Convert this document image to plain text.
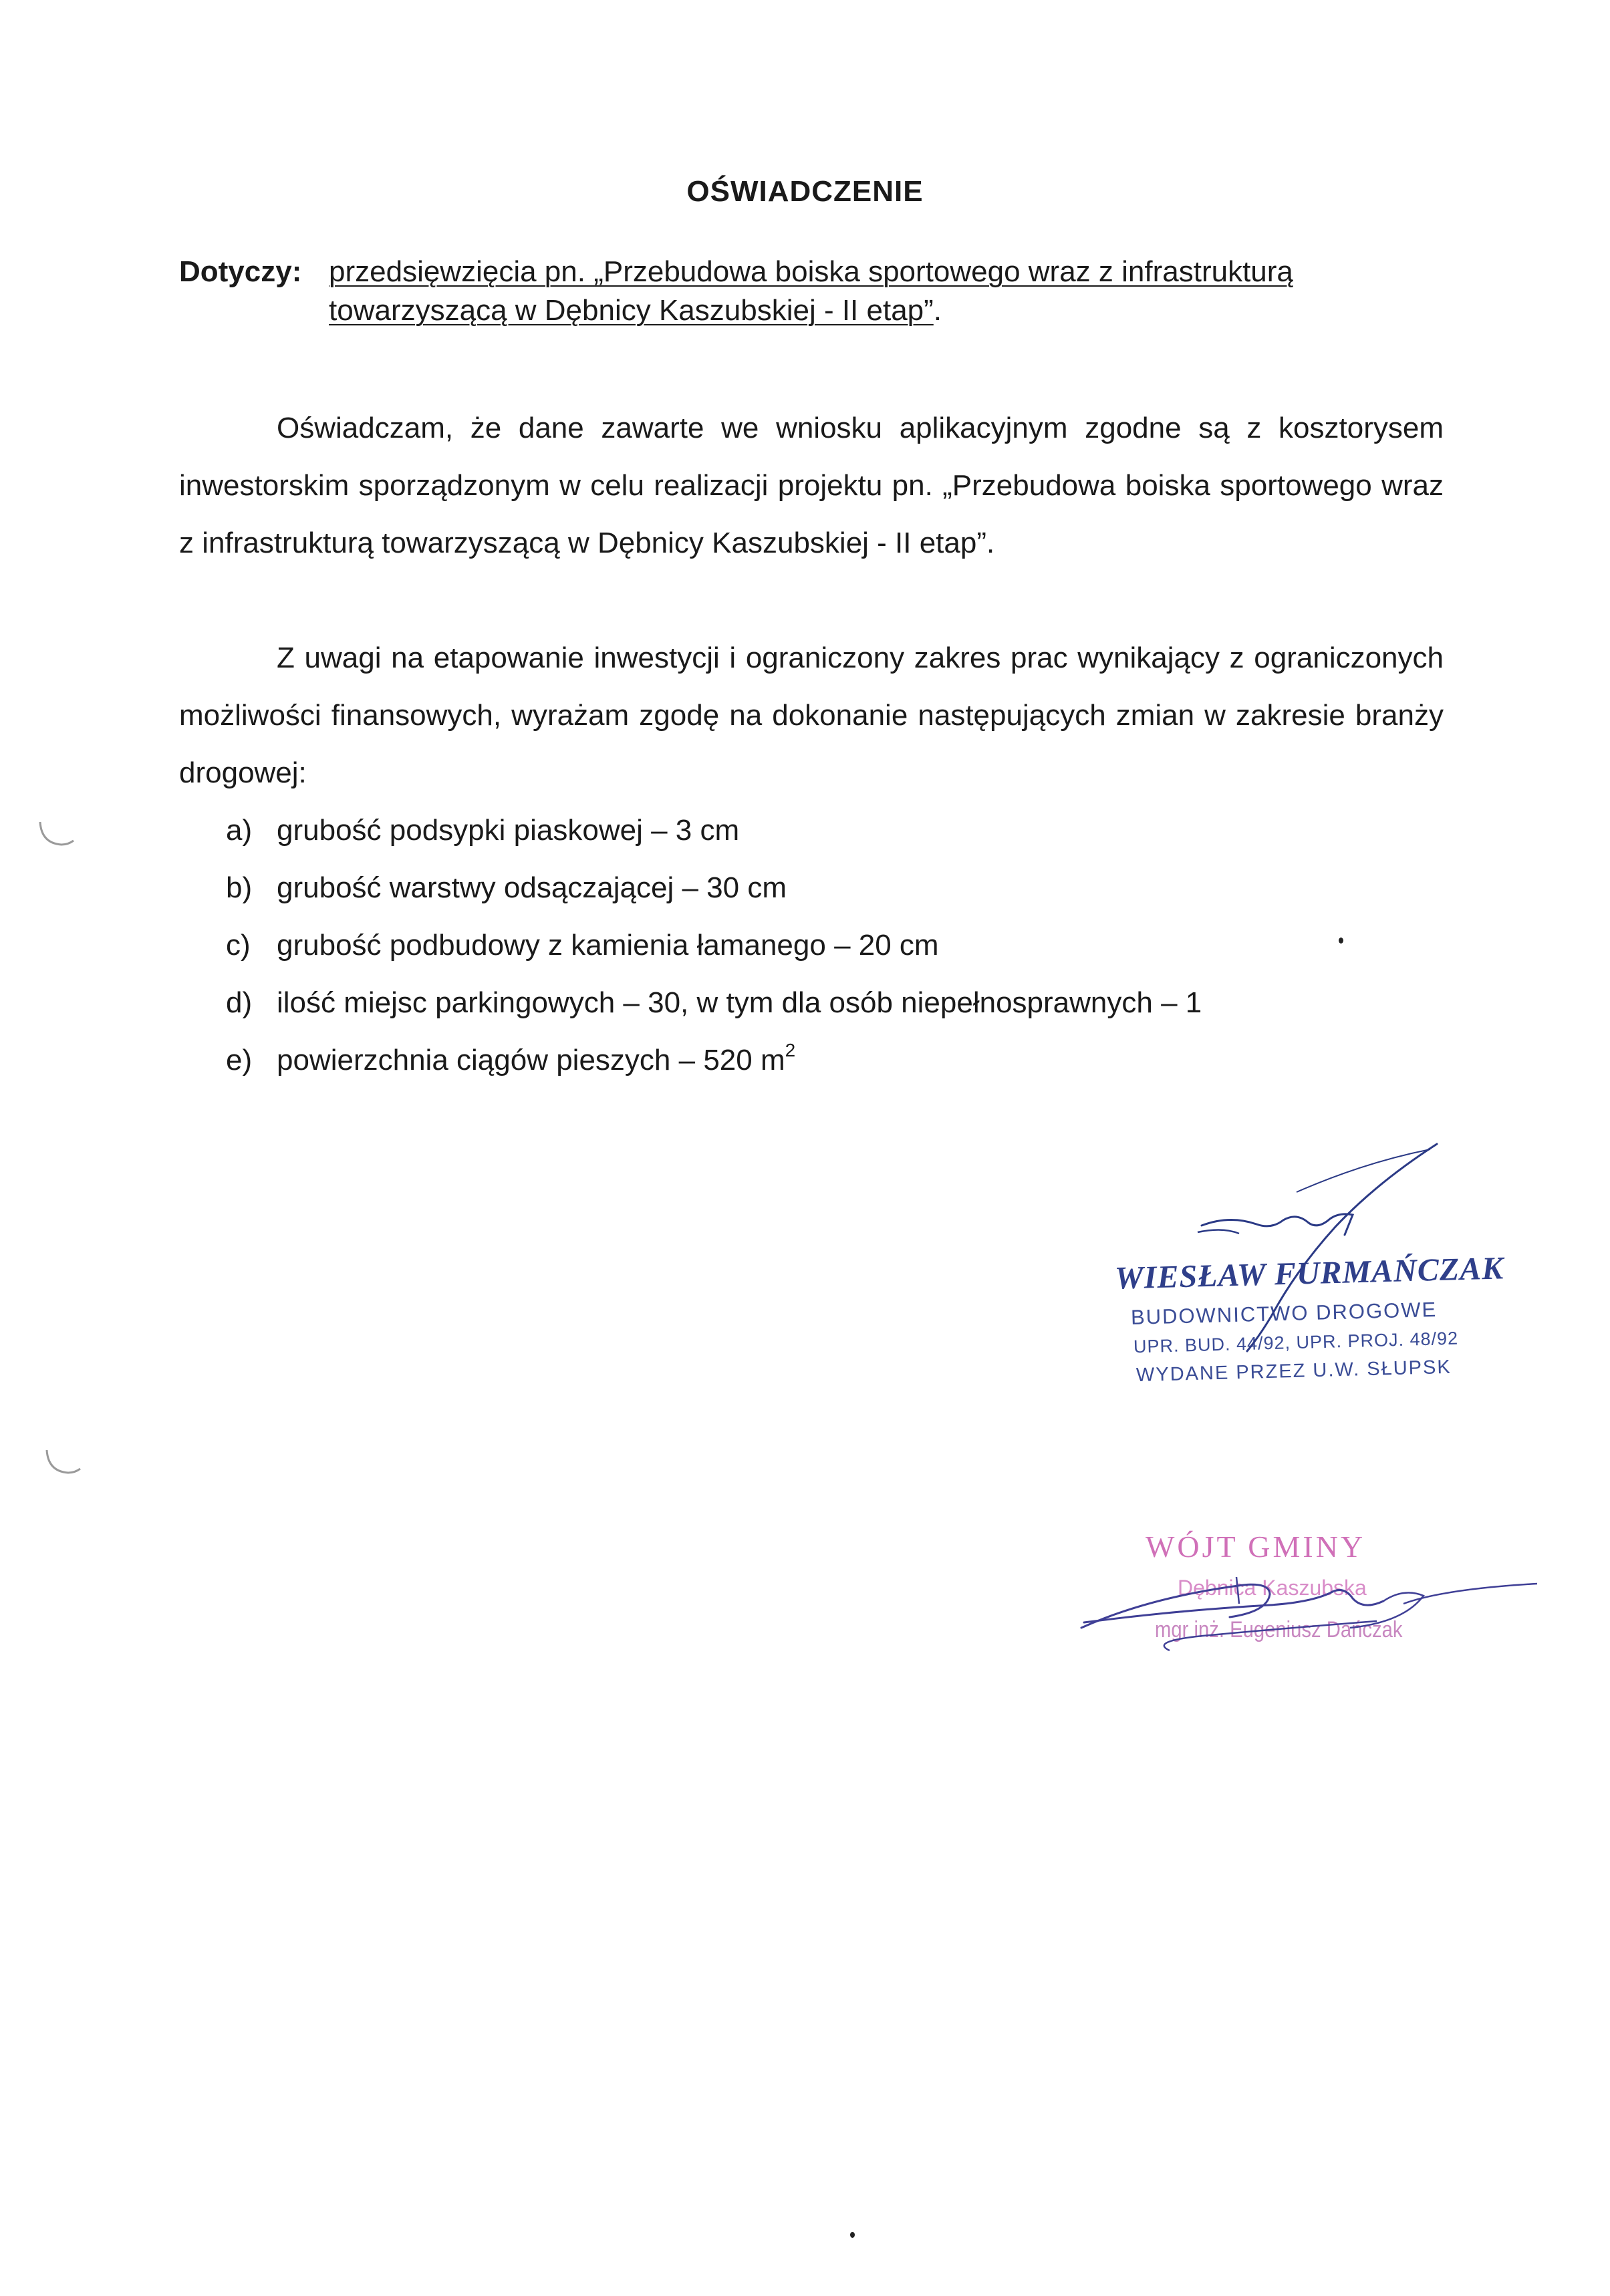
OŚWIADCZENIE
Dotyczy: przedsięwzięcia pn. „Przebudowa boiska sportowego wraz z infrastrukturą towarzyszącą w Dębnicy Kaszubskiej - II etap”.
Oświadczam, że dane zawarte we wniosku aplikacyjnym zgodne są z kosztorysem inwestorskim sporządzonym w celu realizacji projektu pn. „Przebudowa boiska sportowego wraz z infrastrukturą towarzyszącą w Dębnicy Kaszubskiej - II etap”.
Z uwagi na etapowanie inwestycji i ograniczony zakres prac wynikający z ograniczonych możliwości finansowych, wyrażam zgodę na dokonanie następujących zmian w zakresie branży drogowej:
a) grubość podsypki piaskowej – 3 cm
b) grubość warstwy odsączającej – 30 cm
c) grubość podbudowy z kamienia łamanego – 20 cm
d) ilość miejsc parkingowych – 30, w tym dla osób niepełnosprawnych – 1
e) powierzchnia ciągów pieszych – 520 $m^2$
WIESŁAW FURMAŃCZAK
BUDOWNICTWO DROGOWE
UPR. BUD. 44/92, UPR. PROJ. 48/92
WYDANE PRZEZ U.W. SŁUPSK
WÓJT GMINY
Dębnica Kaszubska
mgr inż. Eugeniusz Dańczak
